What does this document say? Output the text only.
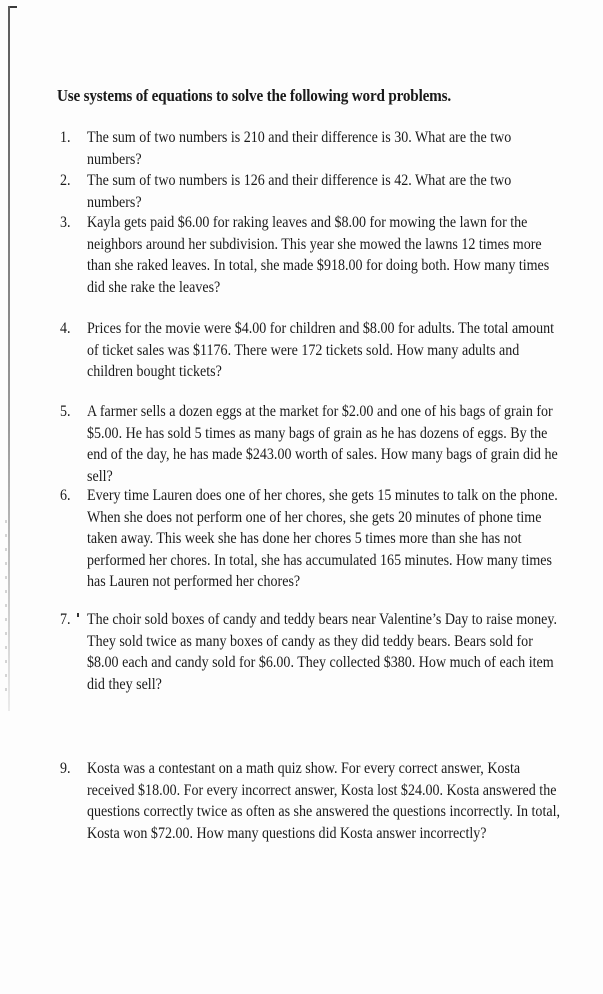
Use systems of equations to solve the following word problems.
1. The sum of two numbers is 210 and their difference is 30. What are the two numbers?
2. The sum of two numbers is 126 and their difference is 42. What are the two numbers?
3. Kayla gets paid $6.00 for raking leaves and $8.00 for mowing the lawn for the neighbors around her subdivision. This year she mowed the lawns 12 times more than she raked leaves. In total, she made $918.00 for doing both. How many times did she rake the leaves?
4. Prices for the movie were $4.00 for children and $8.00 for adults. The total amount of ticket sales was $1176. There were 172 tickets sold. How many adults and children bought tickets?
5. A farmer sells a dozen eggs at the market for $2.00 and one of his bags of grain for $5.00. He has sold 5 times as many bags of grain as he has dozens of eggs. By the end of the day, he has made $243.00 worth of sales. How many bags of grain did he sell?
6. Every time Lauren does one of her chores, she gets 15 minutes to talk on the phone. When she does not perform one of her chores, she gets 20 minutes of phone time taken away. This week she has done her chores 5 times more than she has not performed her chores. In total, she has accumulated 165 minutes. How many times has Lauren not performed her chores?
7. The choir sold boxes of candy and teddy bears near Valentine’s Day to raise money. They sold twice as many boxes of candy as they did teddy bears. Bears sold for $8.00 each and candy sold for $6.00. They collected $380. How much of each item did they sell?
9. Kosta was a contestant on a math quiz show. For every correct answer, Kosta received $18.00. For every incorrect answer, Kosta lost $24.00. Kosta answered the questions correctly twice as often as she answered the questions incorrectly. In total, Kosta won $72.00. How many questions did Kosta answer incorrectly?
